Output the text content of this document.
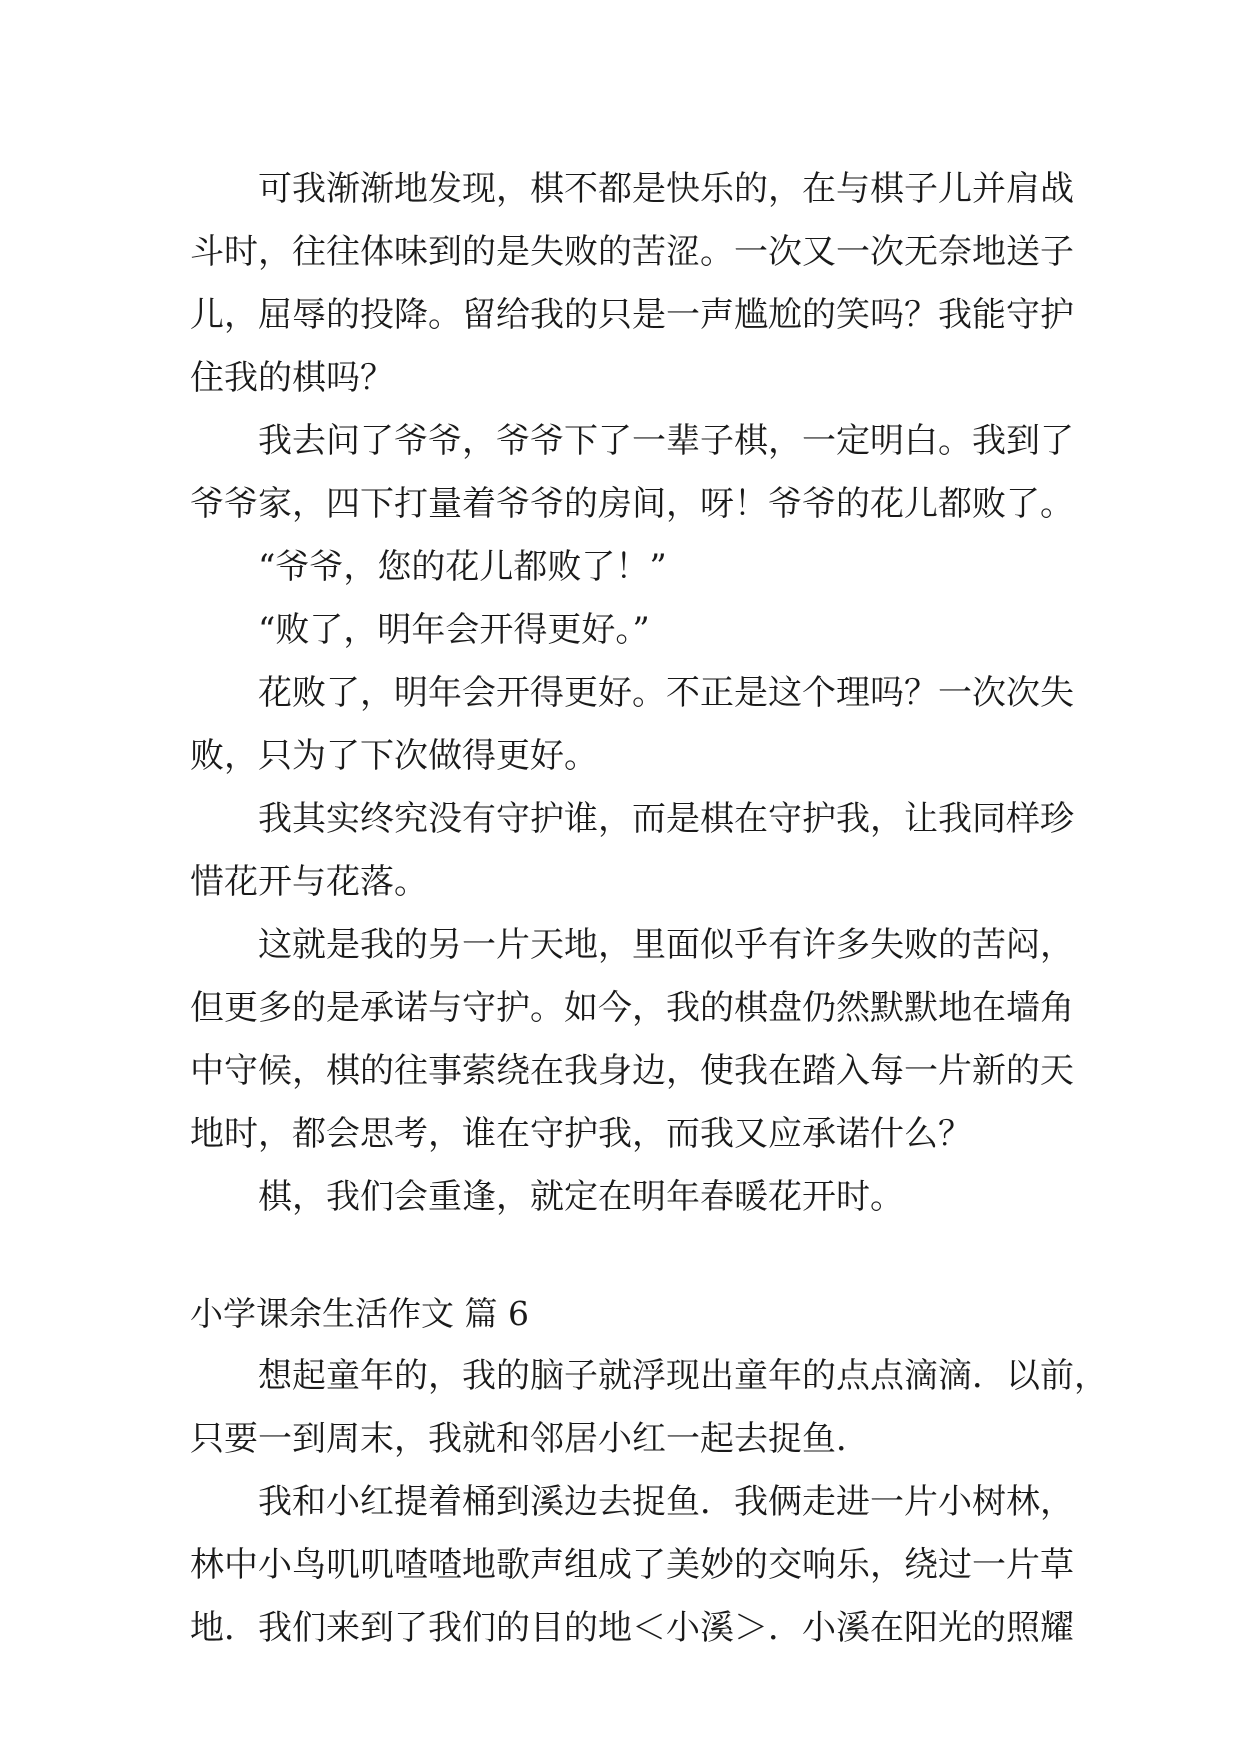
可我渐渐地发现，棋不都是快乐的，在与棋子儿并肩战
斗时，往往体味到的是失败的苦涩。一次又一次无奈地送子
儿，屈辱的投降。留给我的只是一声尴尬的笑吗？我能守护
住我的棋吗？
我去问了爷爷，爷爷下了一辈子棋，一定明白。我到了
爷爷家，四下打量着爷爷的房间，呀！爷爷的花儿都败了。
“爷爷，您的花儿都败了！”
“败了，明年会开得更好。”
花败了，明年会开得更好。不正是这个理吗？一次次失
败，只为了下次做得更好。
我其实终究没有守护谁，而是棋在守护我，让我同样珍
惜花开与花落。
这就是我的另一片天地，里面似乎有许多失败的苦闷，
但更多的是承诺与守护。如今，我的棋盘仍然默默地在墙角
中守候，棋的往事萦绕在我身边，使我在踏入每一片新的天
地时，都会思考，谁在守护我，而我又应承诺什么？
棋，我们会重逢，就定在明年春暖花开时。
小学课余生活作文 篇 6
想起童年的，我的脑子就浮现出童年的点点滴滴．以前，
只要一到周末，我就和邻居小红一起去捉鱼．
我和小红提着桶到溪边去捉鱼．我俩走进一片小树林，
林中小鸟叽叽喳喳地歌声组成了美妙的交响乐，绕过一片草
地．我们来到了我们的目的地＜小溪＞．小溪在阳光的照耀
